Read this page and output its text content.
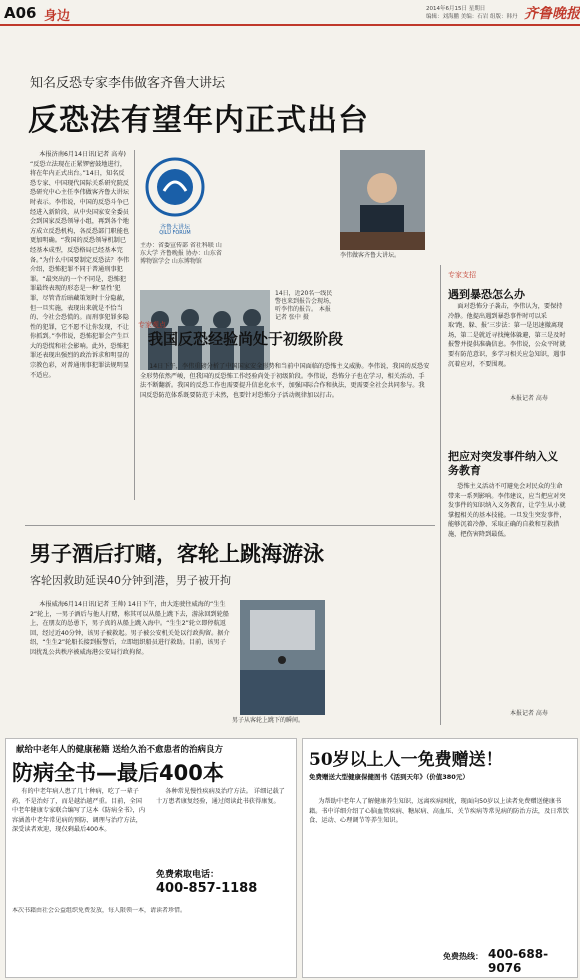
A06 身边	2014年6月15日 星期日
编辑：刘海鹏 美编：石岩 组版：韩丹 齐鲁晚报
知名反恐专家李伟做客齐鲁大讲坛
反恐法有望年内正式出台
本报济南6月14日讯(记者 高寿) “反恐立法现在正紧锣密鼓地进行，将在年内正式出台。”14日，知名反恐专家、中国现代国际关系研究院反恐研究中心主任李伟做客齐鲁大讲坛时表示。李伟说，中国的反恐斗争已经进入新阶段，从中央国家安全委员会到国家反恐领导小组，再到各个地方成立反恐机构，各反恐部门职能也更加明确。“我国的反恐领导机制已经基本成型，反恐格局已经基本完备。”为什么中国要制定反恐法？李伟介绍，恐怖犯罪不同于普通刑事犯罪。“最突出的一个不同是，恐怖犯罪最终表现的形态是一种‘显性’犯罪，尽管背后暗藏策划时十分隐蔽，但一旦实施，表现出来就是不恰当的、令社会恐慌的。而刑事犯罪多隐性的犯罪，它不愿不让你发现，不让你抓到。”李伟说，恐怖犯罪会产生巨大的恐慌和社会影响。此外，恐怖犯罪还表现出强烈的政治诉求和明显的宗教色彩，对普通刑事犯罪法规明显不适应。
齐鲁大讲坛
QILU FORUM
主办：省委宣传部 省社科联 山东大学 齐鲁晚报 协办：山东省博物馆学会 山东博物馆
14日，近20名一线民警也来到报告会现场，听李伟的报告。 本报记者 张中 摄
李伟做客齐鲁大讲坛。
专家观点
我国反恐经验尚处于初级阶段
14日下午，李伟重磅分析了中国国家安全形势和当前中国面临的恐怖主义威胁。李伟说，我国的反恐安全形势依然严峻，但我国的反恐怖工作经验尚处于初级阶段。李伟说，恐怖分子也在学习，相关活动、手法不断翻新。我国的反恐工作也需要提升信息化水平，加强国际合作和执法，更需要全社会共同参与。我国反恐防范体系既要防范于未然，也要针对恐怖分子活动规律加以打击。
专家支招
遇到暴恐怎么办
面对恐怖分子袭击，李伟认为，要保持冷静。他提出遇到暴恐事件时可以采取‘跑、躲、报’三步法：第一是迅速撤离现场，第二是就近寻找掩体躲避，第三是及时报警并提供准确信息。李伟说，公众平时就要有防范意识，多学习相关应急知识，遇事沉着应对，不要围观。
本报记者 高寿
把应对突发事件纳入义务教育
恐怖主义活动不可避免会对民众的生命带来一系列影响。李伟建议，应当把应对突发事件的知识纳入义务教育，让学生从小就掌握相关的基本技能。一旦发生突发事件，能够沉着冷静、采取正确的自救和互救措施，把伤害降到最低。
本报记者 高寿
男子酒后打赌，客轮上跳海游泳
客轮因救助延误40分钟到港，男子被开拘
本报威海6月14日讯(记者 王帅) 14日下午，由大连驶往威海的“生生2”轮上，一男子酒后与他人打赌，称其可以从船上跳下去，游泳回到轮船上，在朋友的怂恿下，男子真的从船上跳入海中。“生生2”轮立即停航返回，经过近40分钟，该男子被救起。男子被公安机关处以行政拘留。据介绍，“生生2”轮船长接到报警后，立即组织船员进行救助。目前，该男子因扰乱公共秩序被威海港公安局行政拘留。
男子从客轮上跳下的瞬间。
献给中老年人的健康秘籍 送给久治不愈患者的治病良方
防病全书—最后400本
有的中老年病人患了几十种病，吃了一辈子药，不是治好了，而是越治越严重。目前，全国中老年健康专家联合编写了这本《防病全书》，内容涵盖中老年常见病的预防、调理与治疗方法，深受读者欢迎，现仅剩最后400本。
各种常见慢性疾病及治疗方法。 详细记载了十万患者康复经验，通过阅读此书获得康复。
免费索取电话：
400-857-1188
本次书籍由社会公益组织免费发放，每人限领一本，请读者珍惜。
50岁以上人一免费赠送！
免费赠送大型健康保健图书《活到天年》（价值380元）
为帮助中老年人了解健康养生知识，远离疾病困扰，现面向50岁以上读者免费赠送健康书籍。书中详细介绍了心脑血管疾病、糖尿病、高血压、关节疾病等常见病的防治方法，及日常饮食、运动、心理调节等养生知识。
免费热线： 400-688-9076
